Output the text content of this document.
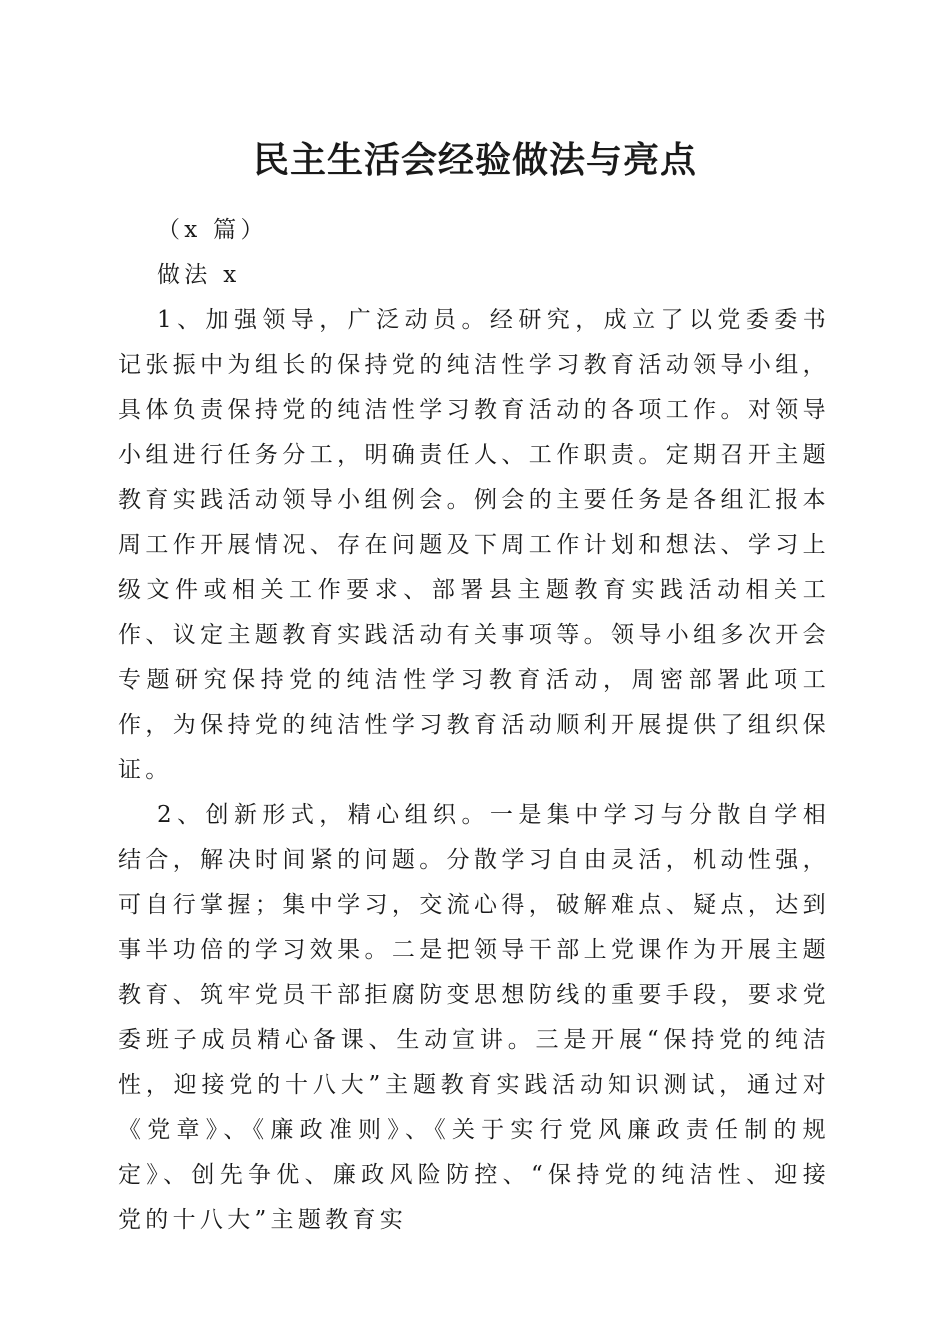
民主生活会经验做法与亮点

（x 篇）

做法 x

1、加强领导，广泛动员。经研究，成立了以党委委书记张振中为组长的保持党的纯洁性学习教育活动领导小组，具体负责保持党的纯洁性学习教育活动的各项工作。对领导小组进行任务分工，明确责任人、工作职责。定期召开主题教育实践活动领导小组例会。例会的主要任务是各组汇报本周工作开展情况、存在问题及下周工作计划和想法、学习上级文件或相关工作要求、部署县主题教育实践活动相关工作、议定主题教育实践活动有关事项等。领导小组多次开会专题研究保持党的纯洁性学习教育活动，周密部署此项工作，为保持党的纯洁性学习教育活动顺利开展提供了组织保证。

2、创新形式，精心组织。一是集中学习与分散自学相结合，解决时间紧的问题。分散学习自由灵活，机动性强，可自行掌握；集中学习，交流心得，破解难点、疑点，达到事半功倍的学习效果。二是把领导干部上党课作为开展主题教育、筑牢党员干部拒腐防变思想防线的重要手段，要求党委班子成员精心备课、生动宣讲。三是开展“保持党的纯洁性，迎接党的十八大”主题教育实践活动知识测试，通过对《党章》、《廉政准则》、《关于实行党风廉政责任制的规定》、创先争优、廉政风险防控、“保持党的纯洁性、迎接党的十八大”主题教育实
